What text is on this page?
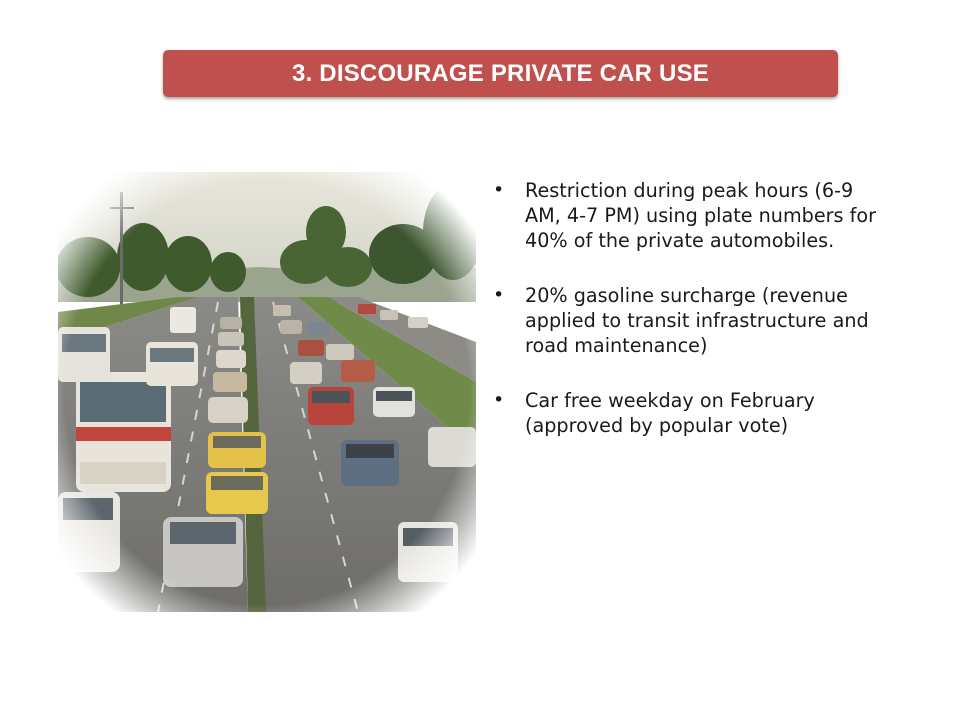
3. DISCOURAGE PRIVATE CAR USE
• Restriction during peak hours (6-9 AM, 4-7 PM) using plate numbers for 40% of the private automobiles.
• 20% gasoline surcharge (revenue applied to transit infrastructure and road maintenance)
• Car free weekday on February (approved by popular vote)
